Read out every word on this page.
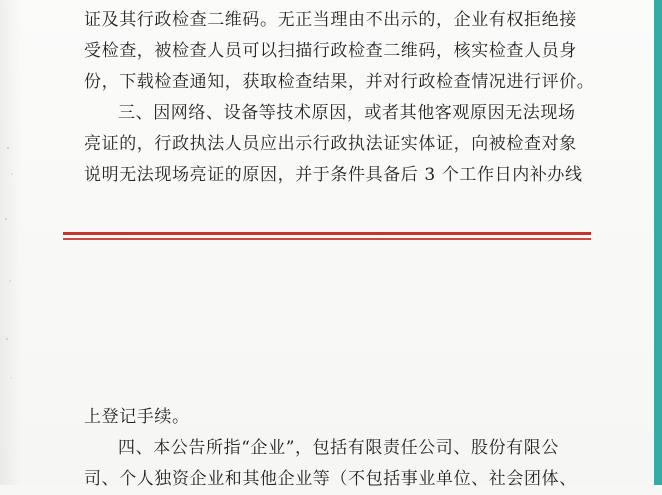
证及其行政检查二维码。无正当理由不出示的，企业有权拒绝接
受检查，被检查人员可以扫描行政检查二维码，核实检查人员身
份，下载检查通知，获取检查结果，并对行政检查情况进行评价。
三、因网络、设备等技术原因，或者其他客观原因无法现场
亮证的，行政执法人员应出示行政执法证实体证，向被检查对象
说明无法现场亮证的原因，并于条件具备后 3 个工作日内补办线
上登记手续。
四、本公告所指“企业”，包括有限责任公司、股份有限公
司、个人独资企业和其他企业等（不包括事业单位、社会团体、
